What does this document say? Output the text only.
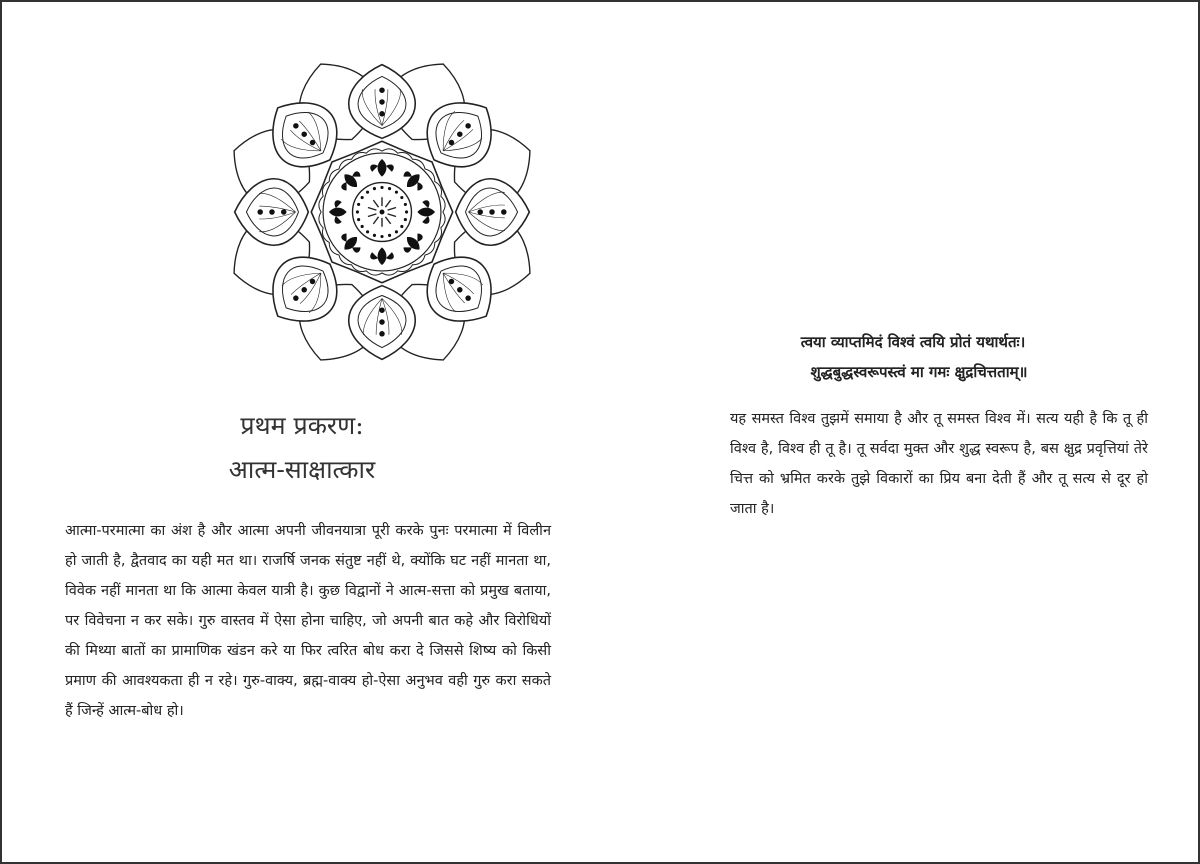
प्रथम प्रकरण:
आत्म-साक्षात्कार
आत्मा-परमात्मा का अंश है और आत्मा अपनी जीवनयात्रा पूरी करके पुनः परमात्मा में विलीन हो जाती है, द्वैतवाद का यही मत था। राजर्षि जनक संतुष्ट नहीं थे, क्योंकि घट नहीं मानता था, विवेक नहीं मानता था कि आत्मा केवल यात्री है। कुछ विद्वानों ने आत्म-सत्ता को प्रमुख बताया, पर विवेचना न कर सके। गुरु वास्तव में ऐसा होना चाहिए, जो अपनी बात कहे और विरोधियों की मिथ्या बातों का प्रामाणिक खंडन करे या फिर त्वरित बोध करा दे जिससे शिष्य को किसी प्रमाण की आवश्यकता ही न रहे। गुरु-वाक्य, ब्रह्म-वाक्य हो-ऐसा अनुभव वही गुरु करा सकते हैं जिन्हें आत्म-बोध हो।
त्वया व्याप्तमिदं विश्वं त्वयि प्रोतं यथार्थतः।
शुद्धबुद्धस्वरूपस्त्वं मा गमः क्षुद्रचित्तताम्॥
यह समस्त विश्व तुझमें समाया है और तू समस्त विश्व में। सत्य यही है कि तू ही विश्व है, विश्व ही तू है। तू सर्वदा मुक्त और शुद्ध स्वरूप है, बस क्षुद्र प्रवृत्तियां तेरे चित्त को भ्रमित करके तुझे विकारों का प्रिय बना देती हैं और तू सत्य से दूर हो जाता है।
